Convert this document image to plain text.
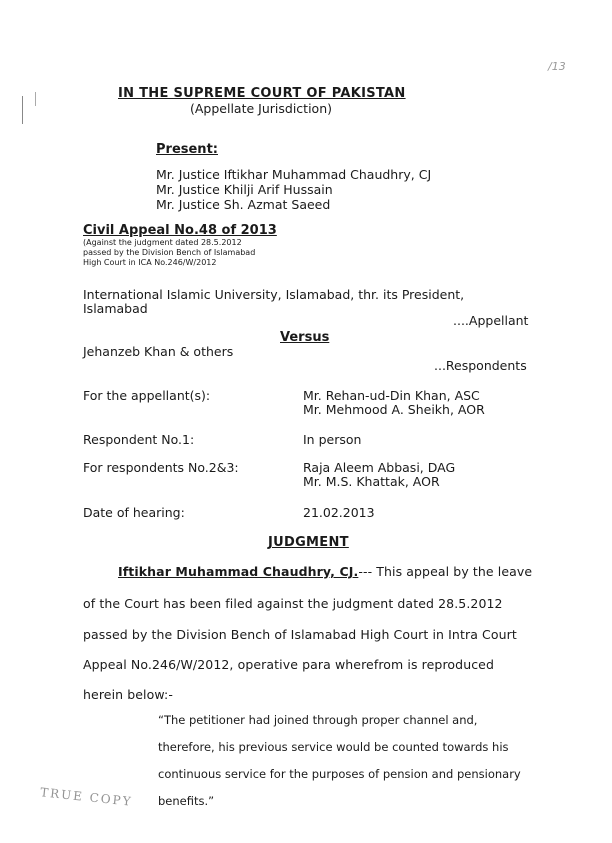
/13
IN THE SUPREME COURT OF PAKISTAN
(Appellate Jurisdiction)
Present:
Mr. Justice Iftikhar Muhammad Chaudhry, CJ
Mr. Justice Khilji Arif Hussain
Mr. Justice Sh. Azmat Saeed
Civil Appeal No.48 of 2013
(Against the judgment dated 28.5.2012
passed by the Division Bench of Islamabad
High Court in ICA No.246/W/2012
International Islamic University, Islamabad, thr. its President,
Islamabad
....Appellant
Versus
Jehanzeb Khan & others
...Respondents
For the appellant(s):	Mr. Rehan-ud-Din Khan, ASC
Mr. Mehmood A. Sheikh, AOR
Respondent No.1:	In person
For respondents No.2&3:	Raja Aleem Abbasi, DAG
Mr. M.S. Khattak, AOR
Date of hearing:	21.02.2013
JUDGMENT
Iftikhar Muhammad Chaudhry, CJ.--- This appeal by the leave
of the Court has been filed against the judgment dated 28.5.2012
passed by the Division Bench of Islamabad High Court in Intra Court
Appeal No.246/W/2012, operative para wherefrom is reproduced
herein below:-
“The petitioner had joined through proper channel and,
therefore, his previous service would be counted towards his
continuous service for the purposes of pension and pensionary
benefits.”
TRUE COPY
